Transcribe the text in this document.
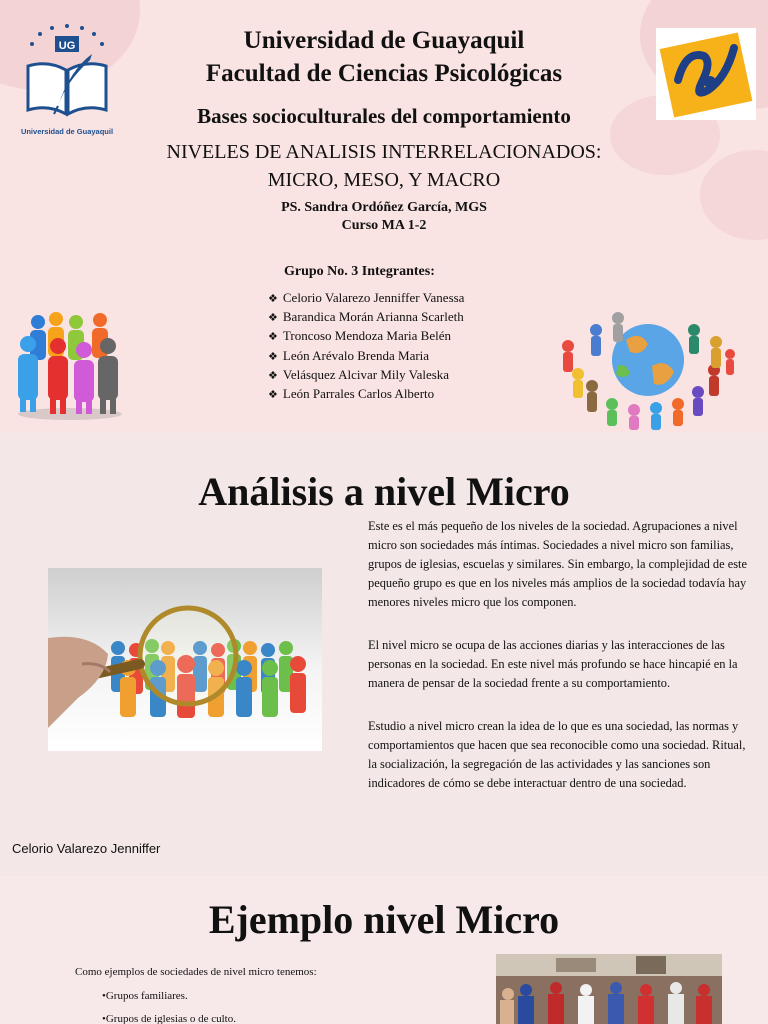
UG
Universidad de Guayaquil
Universidad de Guayaquil
Facultad de Ciencias Psicológicas
Bases socioculturales del comportamiento
NIVELES DE ANALISIS INTERRELACIONADOS:
MICRO, MESO, Y MACRO
PS. Sandra Ordóñez García, MGS
Curso MA 1-2
Grupo No. 3 Integrantes:
❖ Celorio Valarezo Jenniffer Vanessa
❖ Barandica Morán Arianna Scarleth
❖ Troncoso Mendoza Maria Belén
❖ León Arévalo Brenda Maria
❖ Velásquez Alcivar Mily Valeska
❖ León Parrales Carlos Alberto
Análisis a nivel Micro
Este es el más pequeño de los niveles de la sociedad. Agrupaciones a nivel micro son sociedades más íntimas. Sociedades a nivel micro son familias, grupos de iglesias, escuelas y similares. Sin embargo, la complejidad de este pequeño grupo es que en los niveles más amplios de la sociedad todavía hay menores niveles micro que los componen.
El nivel micro se ocupa de las acciones diarias y las interacciones de las personas en la sociedad. En este nivel más profundo se hace hincapié en la manera de pensar de la sociedad frente a su comportamiento.
Estudio a nivel micro crean la idea de lo que es una sociedad, las normas y comportamientos que hacen que sea reconocible como una sociedad. Ritual, la socialización, la segregación de las actividades y las sanciones son indicadores de cómo se debe interactuar dentro de una sociedad.
Celorio Valarezo Jenniffer
Ejemplo nivel Micro
Como ejemplos de sociedades de nivel micro tenemos:
•Grupos familiares.
•Grupos de iglesias o de culto.
